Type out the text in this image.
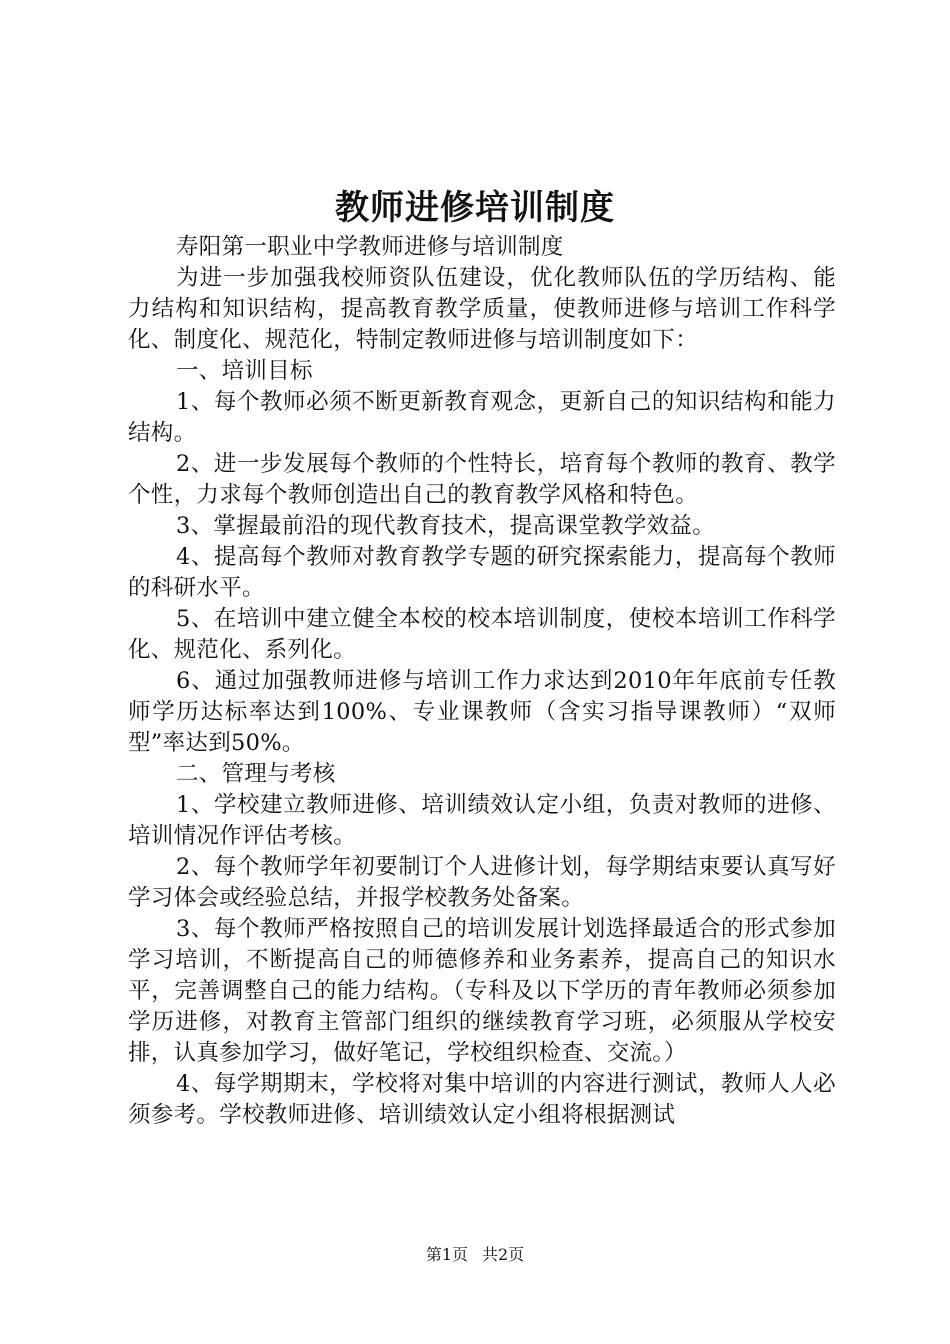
教师进修培训制度

寿阳第一职业中学教师进修与培训制度

为进一步加强我校师资队伍建设，优化教师队伍的学历结构、能力结构和知识结构，提高教育教学质量，使教师进修与培训工作科学化、制度化、规范化，特制定教师进修与培训制度如下：

一、培训目标

1、每个教师必须不断更新教育观念，更新自己的知识结构和能力结构。

2、进一步发展每个教师的个性特长，培育每个教师的教育、教学个性，力求每个教师创造出自己的教育教学风格和特色。

3、掌握最前沿的现代教育技术，提高课堂教学效益。

4、提高每个教师对教育教学专题的研究探索能力，提高每个教师的科研水平。

5、在培训中建立健全本校的校本培训制度，使校本培训工作科学化、规范化、系列化。

6、通过加强教师进修与培训工作力求达到2010年年底前专任教师学历达标率达到100%、专业课教师（含实习指导课教师）“双师型”率达到50%。

二、管理与考核

1、学校建立教师进修、培训绩效认定小组，负责对教师的进修、培训情况作评估考核。

2、每个教师学年初要制订个人进修计划，每学期结束要认真写好学习体会或经验总结，并报学校教务处备案。

3、每个教师严格按照自己的培训发展计划选择最适合的形式参加学习培训，不断提高自己的师德修养和业务素养，提高自己的知识水平，完善调整自己的能力结构。（专科及以下学历的青年教师必须参加学历进修，对教育主管部门组织的继续教育学习班，必须服从学校安排，认真参加学习，做好笔记，学校组织检查、交流。）

4、每学期期末，学校将对集中培训的内容进行测试，教师人人必须参考。学校教师进修、培训绩效认定小组将根据测试

第1页 共2页
